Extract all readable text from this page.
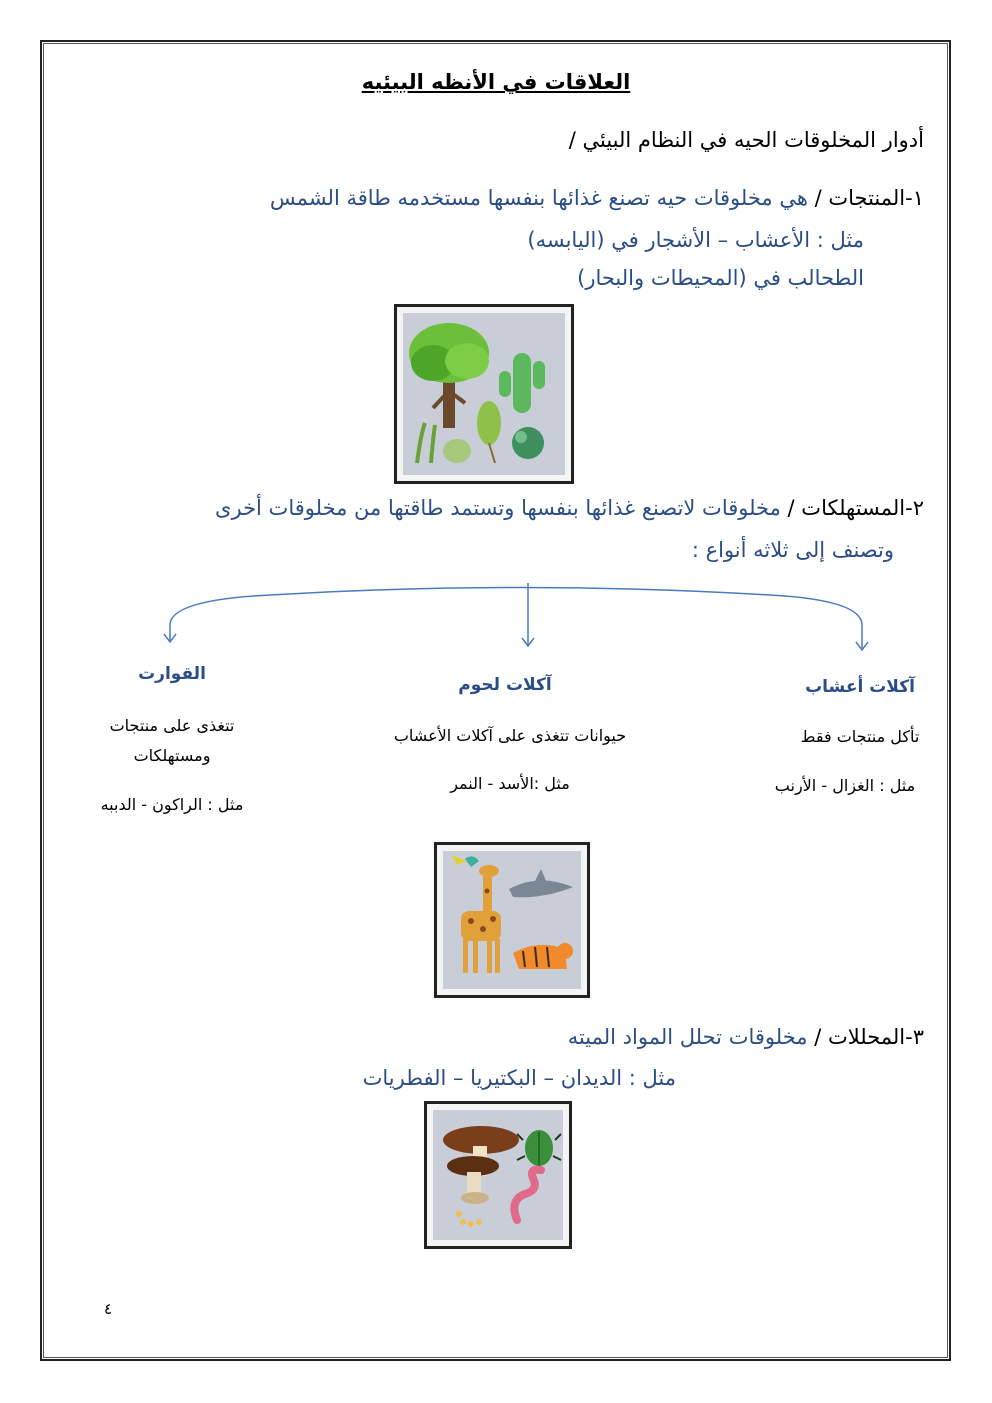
العلاقات في الأنظه البيئيه
أدوار المخلوقات الحيه في النظام البيئي /
١-المنتجات / هي مخلوقات حيه تصنع غذائها بنفسها مستخدمه طاقة الشمس
مثل : الأعشاب – الأشجار في (اليابسه)
الطحالب في (المحيطات والبحار)
٢-المستهلكات / مخلوقات لاتصنع غذائها بنفسها وتستمد طاقتها من مخلوقات أخرى
وتصنف إلى ثلاثه أنواع :
آكلات أعشاب
تأكل منتجات فقط
مثل : الغزال - الأرنب
آكلات لحوم
حيوانات تتغذى على آكلات الأعشاب
مثل :الأسد - النمر
القوارت
تتغذى على منتجات
ومستهلكات
مثل : الراكون - الدببه
٣-المحللات / مخلوقات تحلل المواد الميته
مثل : الديدان – البكتيريا – الفطريات
٤
